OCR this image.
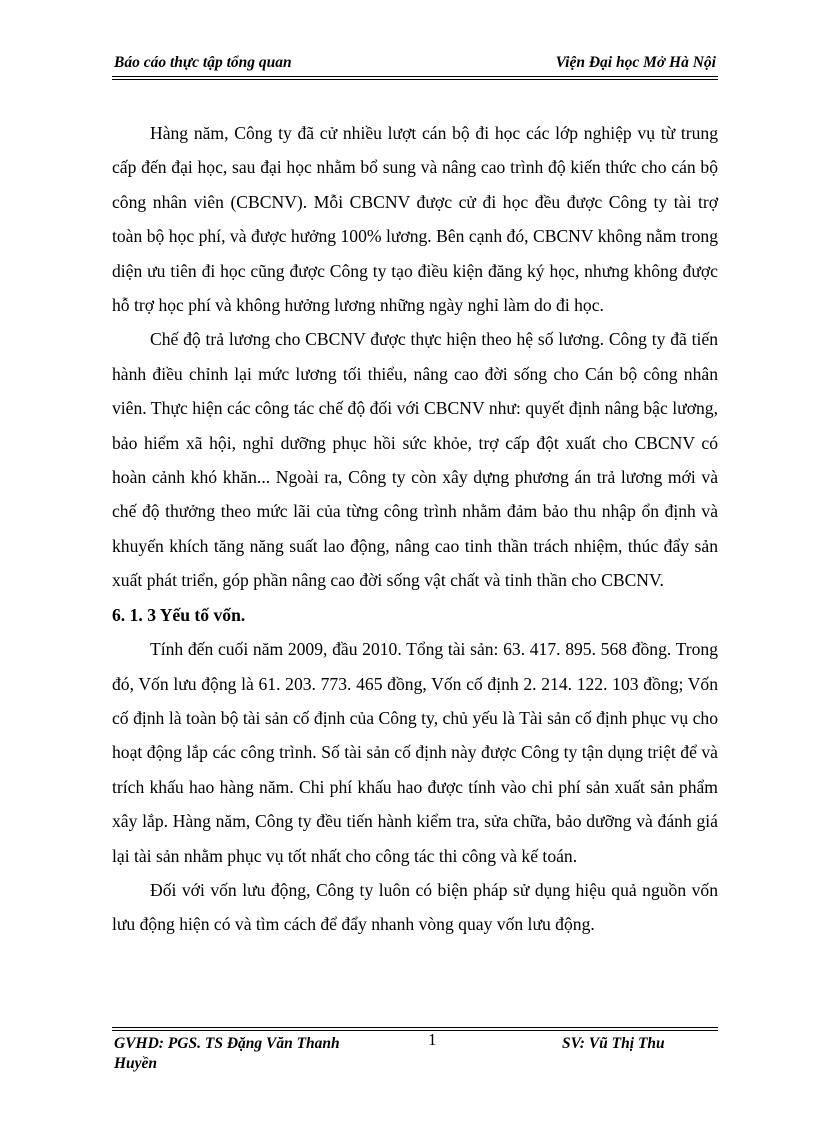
Báo cáo thực tập tổng quan	Viện Đại học Mở Hà Nội

Hàng năm, Công ty đã cử nhiều lượt cán bộ đi học các lớp nghiệp vụ từ trung cấp đến đại học, sau đại học nhằm bổ sung và nâng cao trình độ kiến thức cho cán bộ công nhân viên (CBCNV). Mỗi CBCNV được cử đi học đều được Công ty tài trợ toàn bộ học phí, và được hưởng 100% lương. Bên cạnh đó, CBCNV không nằm trong diện ưu tiên đi học cũng được Công ty tạo điều kiện đăng ký học, nhưng không được hỗ trợ học phí và không hưởng lương những ngày nghỉ làm do đi học.

Chế độ trả lương cho CBCNV được thực hiện theo hệ số lương. Công ty đã tiến hành điều chỉnh lại mức lương tối thiểu, nâng cao đời sống cho Cán bộ công nhân viên. Thực hiện các công tác chế độ đối với CBCNV như: quyết định nâng bậc lương, bảo hiểm xã hội, nghỉ dưỡng phục hồi sức khỏe, trợ cấp đột xuất cho CBCNV có hoàn cảnh khó khăn... Ngoài ra, Công ty còn xây dựng phương án trả lương mới và chế độ thưởng theo mức lãi của từng công trình nhằm đảm bảo thu nhập ổn định và khuyến khích tăng năng suất lao động, nâng cao tinh thần trách nhiệm, thúc đẩy sản xuất phát triển, góp phần nâng cao đời sống vật chất và tinh thần cho CBCNV.

6. 1. 3 Yếu tố vốn.

Tính đến cuối năm 2009, đầu 2010. Tổng tài sản: 63. 417. 895. 568 đồng. Trong đó, Vốn lưu động là 61. 203. 773. 465 đồng, Vốn cố định 2. 214. 122. 103 đồng; Vốn cố định là toàn bộ tài sản cố định của Công ty, chủ yếu là Tài sản cố định phục vụ cho hoạt động lắp các công trình. Số tài sản cố định này được Công ty tận dụng triệt để và trích khấu hao hàng năm. Chi phí khấu hao được tính vào chi phí sản xuất sản phẩm xây lắp. Hàng năm, Công ty đều tiến hành kiểm tra, sửa chữa, bảo dưỡng và đánh giá lại tài sản nhằm phục vụ tốt nhất cho công tác thi công và kế toán.

Đối với vốn lưu động, Công ty luôn có biện pháp sử dụng hiệu quả nguồn vốn lưu động hiện có và tìm cách để đẩy nhanh vòng quay vốn lưu động.

GVHD: PGS. TS Đặng Văn Thanh Huyền
1	SV: Vũ Thị Thu
